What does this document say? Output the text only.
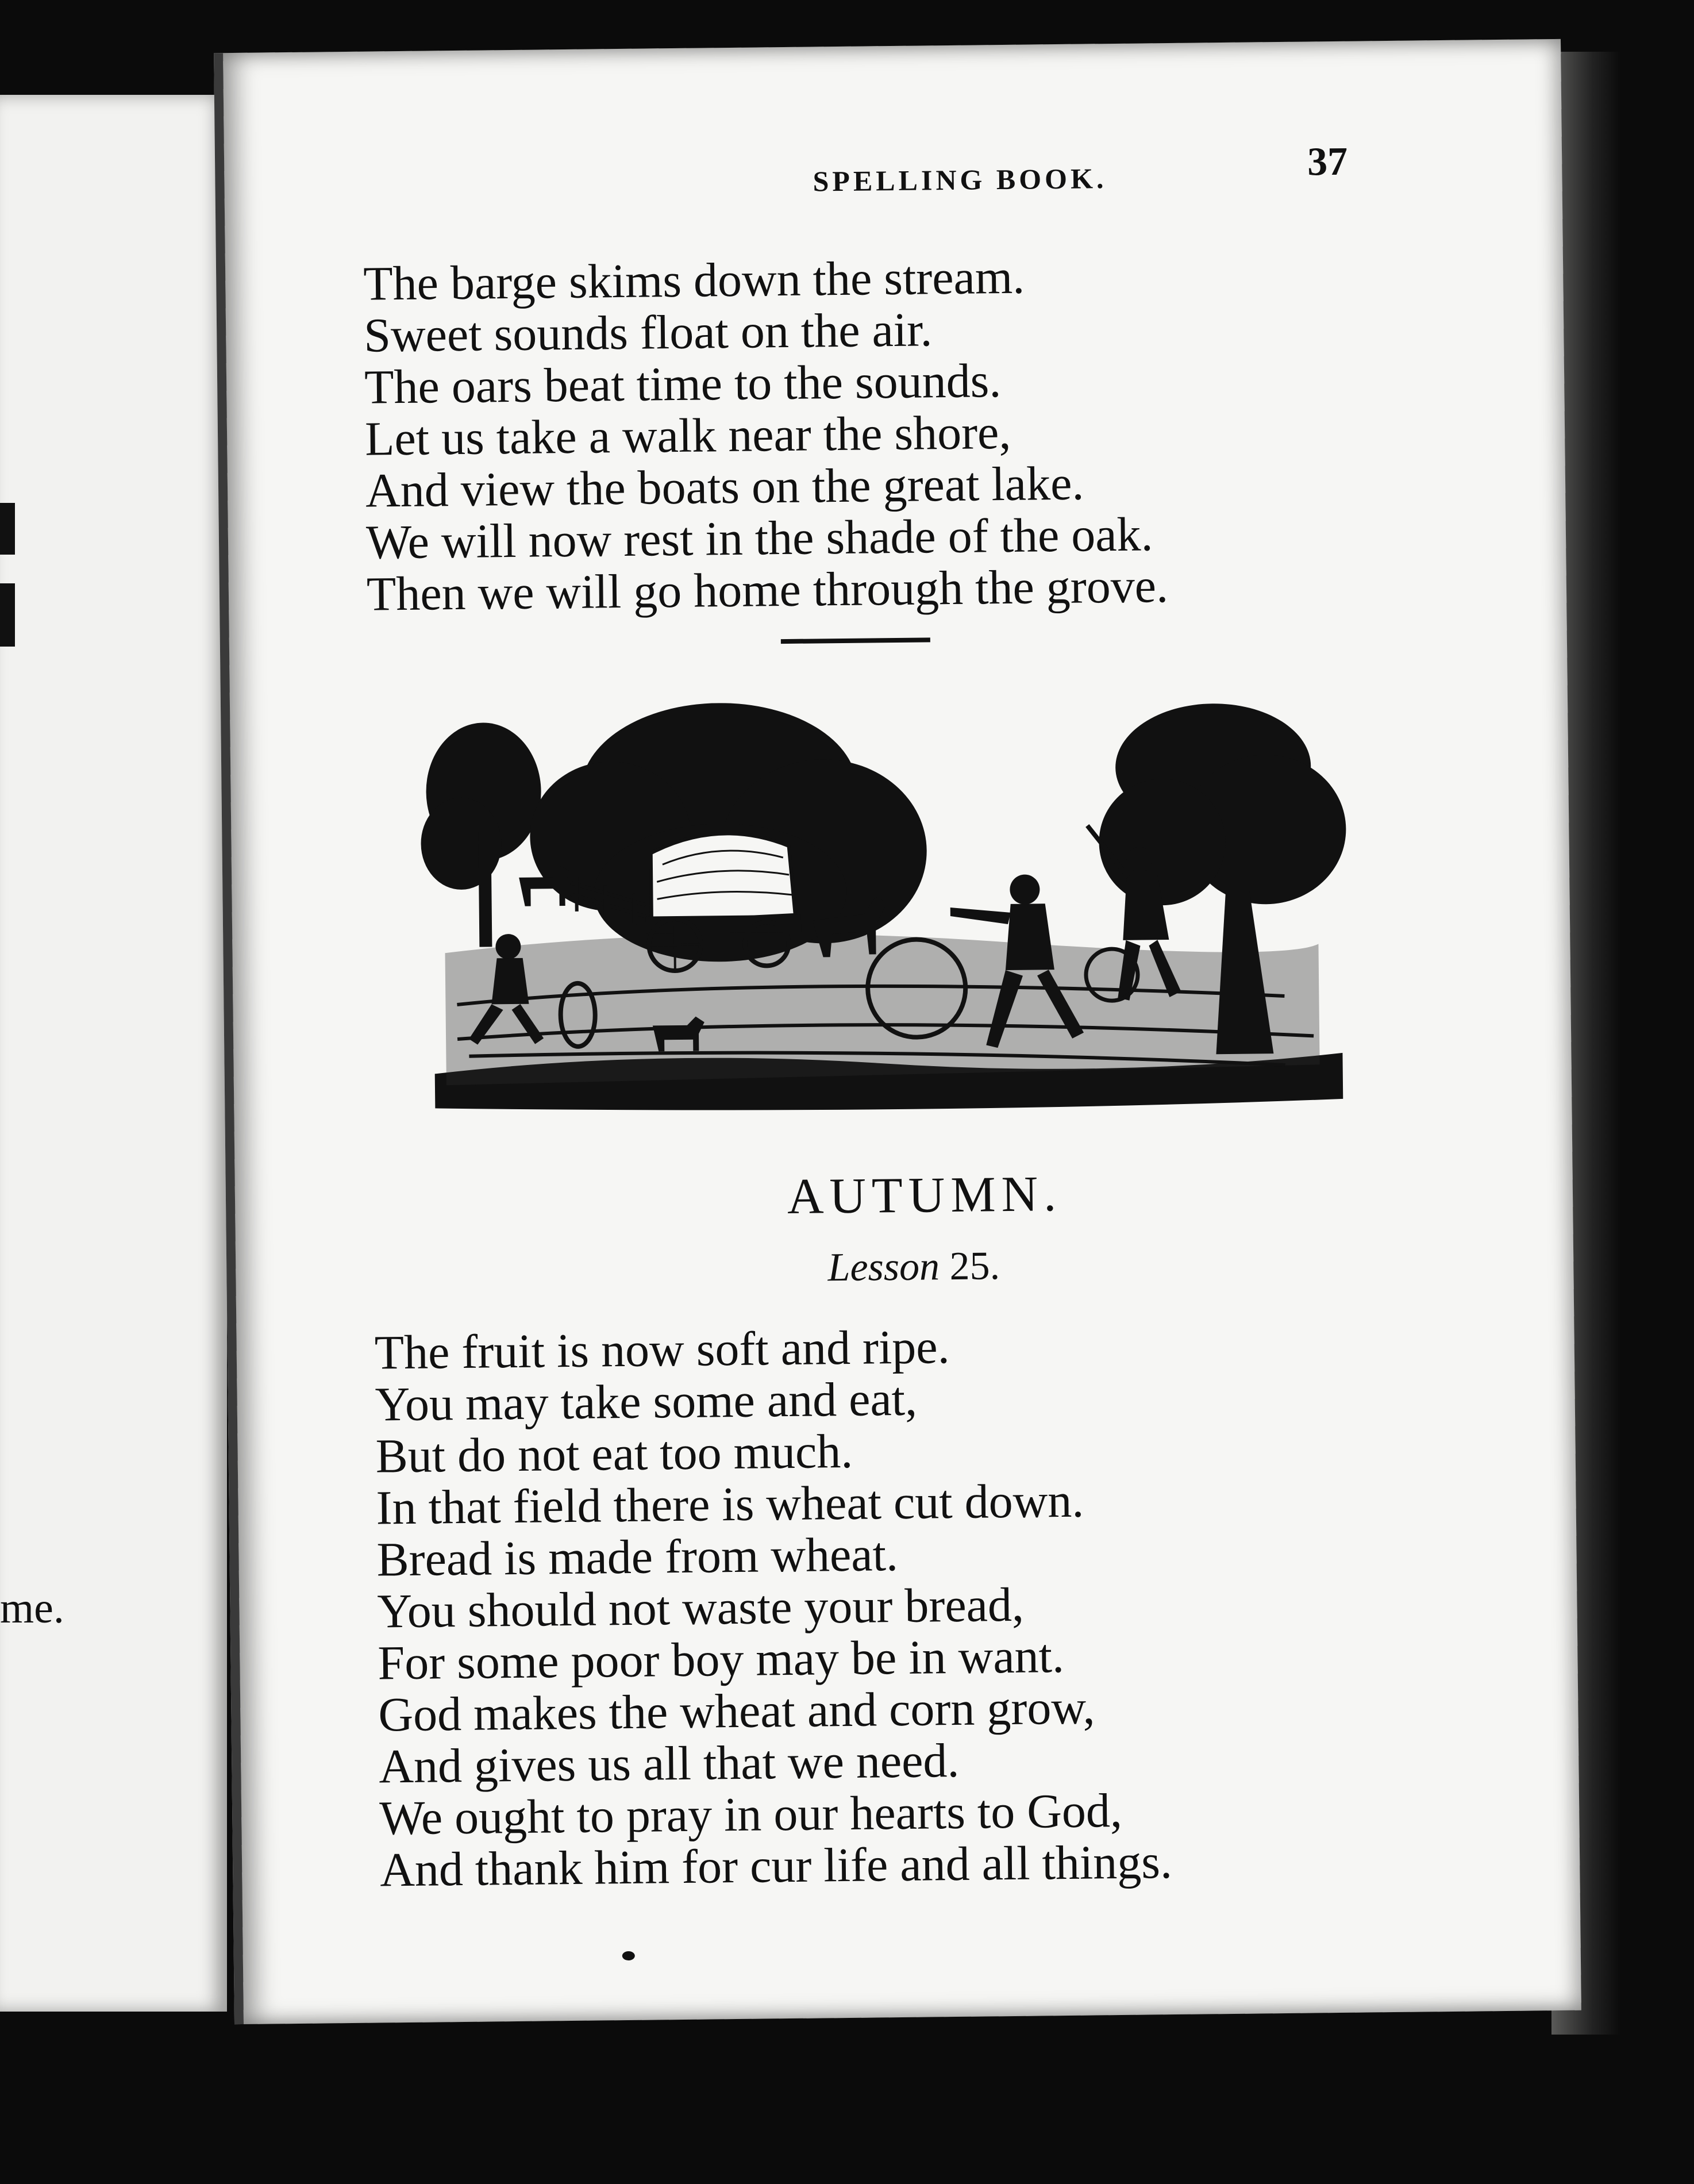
me.
SPELLING BOOK.	37
The barge skims down the stream.
Sweet sounds float on the air.
The oars beat time to the sounds.
Let us take a walk near the shore,
And view the boats on the great lake.
We will now rest in the shade of the oak.
Then we will go home through the grove.
AUTUMN.
Lesson 25.
The fruit is now soft and ripe.
You may take some and eat,
But do not eat too much.
In that field there is wheat cut down.
Bread is made from wheat.
You should not waste your bread,
For some poor boy may be in want.
God makes the wheat and corn grow,
And gives us all that we need.
We ought to pray in our hearts to God,
And thank him for cur life and all things.
